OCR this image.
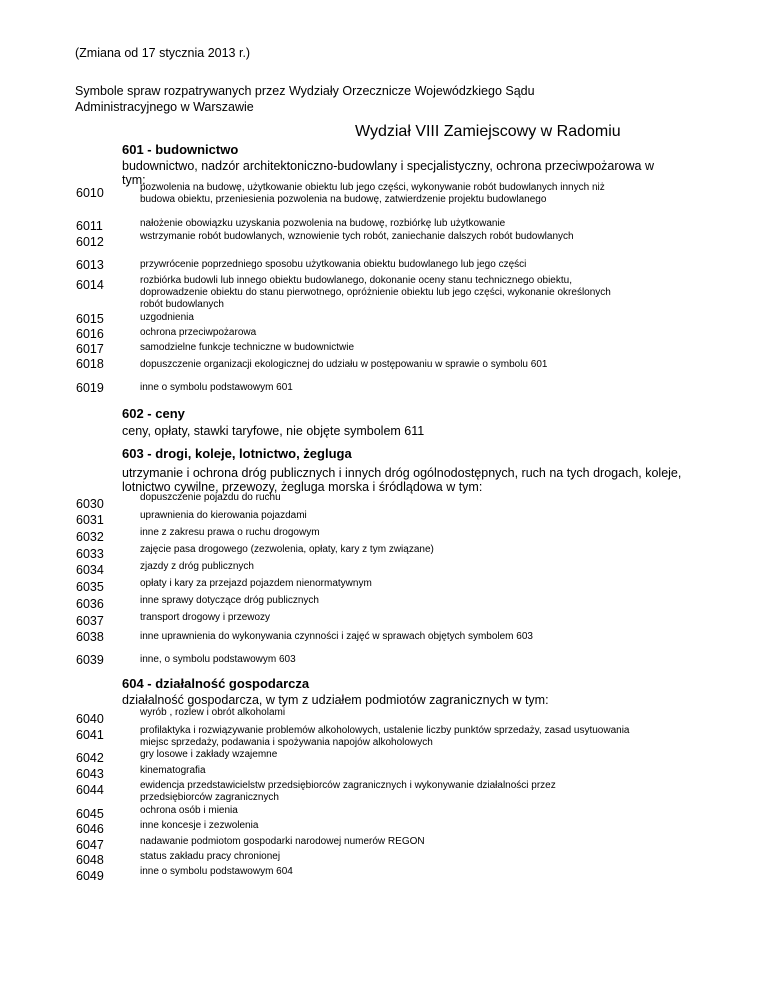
(Zmiana od 17 stycznia 2013 r.)
Symbole spraw rozpatrywanych przez Wydziały Orzecznicze Wojewódzkiego Sądu
Administracyjnego w Warszawie
Wydział VIII Zamiejscowy w Radomiu
601 - budownictwo
budownictwo, nadzór architektoniczno-budowlany i specjalistyczny, ochrona przeciwpożarowa w tym:
6010	pozwolenia na budowę, użytkowanie obiektu lub jego części, wykonywanie robót budowlanych innych niż budowa obiektu, przeniesienia pozwolenia na budowę, zatwierdzenie projektu budowlanego
6011	nałożenie obowiązku uzyskania pozwolenia na budowę, rozbiórkę lub użytkowanie
6012	wstrzymanie robót budowlanych, wznowienie tych robót, zaniechanie dalszych robót budowlanych
6013	przywrócenie poprzedniego sposobu użytkowania obiektu budowlanego lub jego części
6014	rozbiórka budowli lub innego obiektu budowlanego, dokonanie oceny stanu technicznego obiektu, doprowadzenie obiektu do stanu pierwotnego, opróżnienie obiektu lub jego części, wykonanie określonych robót budowlanych
6015	uzgodnienia
6016	ochrona przeciwpożarowa
6017	samodzielne funkcje techniczne w budownictwie
6018	dopuszczenie organizacji ekologicznej do udziału w postępowaniu w sprawie o symbolu 601
6019	inne o symbolu podstawowym 601
602 - ceny
ceny, opłaty, stawki taryfowe, nie objęte symbolem 611
603 - drogi, koleje, lotnictwo, żegluga
utrzymanie i ochrona dróg publicznych i innych dróg ogólnodostępnych, ruch na tych drogach, koleje, lotnictwo cywilne, przewozy, żegluga morska i śródlądowa w tym:
6030	dopuszczenie pojazdu do ruchu
6031	uprawnienia do kierowania pojazdami
6032	inne z zakresu prawa o ruchu drogowym
6033	zajęcie pasa drogowego (zezwolenia, opłaty, kary z tym związane)
6034	zjazdy z dróg publicznych
6035	opłaty i kary za przejazd pojazdem nienormatywnym
6036	inne sprawy dotyczące dróg publicznych
6037	transport drogowy i przewozy
6038	inne uprawnienia do wykonywania czynności i zajęć w sprawach objętych symbolem 603
6039	inne, o symbolu podstawowym 603
604 - działalność gospodarcza
działalność gospodarcza, w tym z udziałem podmiotów zagranicznych w tym:
6040	wyrób , rozlew i obrót alkoholami
6041	profilaktyka i rozwiązywanie problemów alkoholowych, ustalenie liczby punktów sprzedaży, zasad usytuowania miejsc sprzedaży, podawania i spożywania napojów alkoholowych
6042	gry losowe i zakłady wzajemne
6043	kinematografia
6044	ewidencja przedstawicielstw przedsiębiorców zagranicznych i wykonywanie działalności przez przedsiębiorców zagranicznych
6045	ochrona osób i mienia
6046	inne koncesje i zezwolenia
6047	nadawanie podmiotom gospodarki narodowej numerów REGON
6048	status zakładu pracy chronionej
6049	inne o symbolu podstawowym 604
